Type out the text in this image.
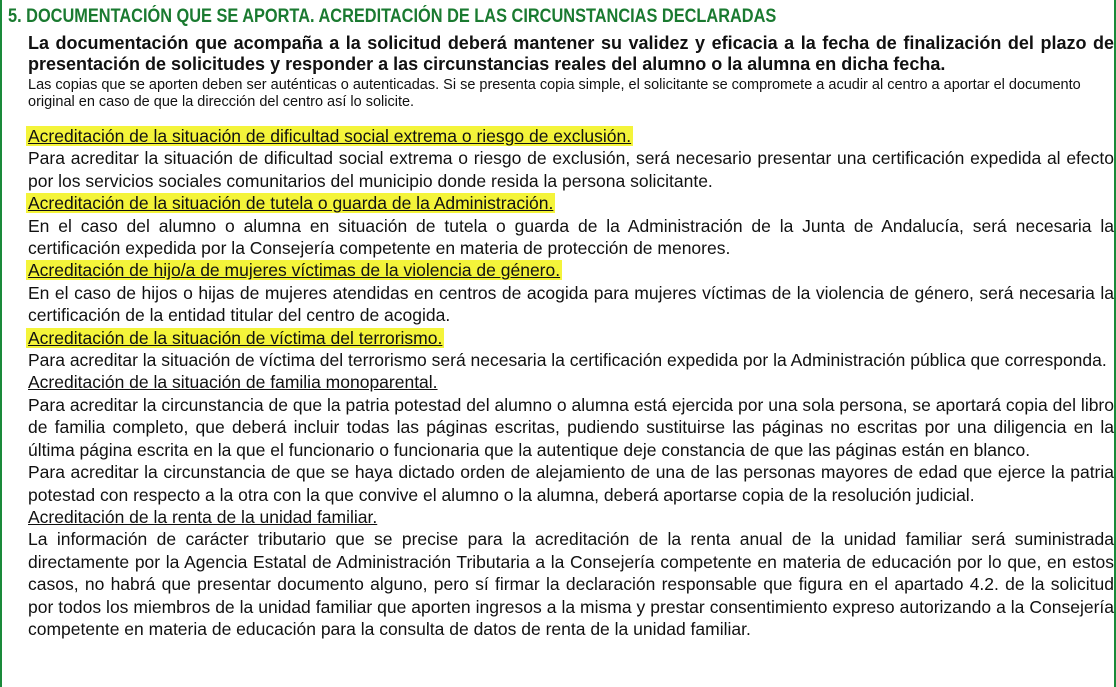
5. DOCUMENTACIÓN QUE SE APORTA. ACREDITACIÓN DE LAS CIRCUNSTANCIAS DECLARADAS
La documentación que acompaña a la solicitud deberá mantener su validez y eficacia a la fecha de finalización del plazo de presentación de solicitudes y responder a las circunstancias reales del alumno o la alumna en dicha fecha.
Las copias que se aporten deben ser auténticas o autenticadas. Si se presenta copia simple, el solicitante se compromete a acudir al centro a aportar el documento original en caso de que la dirección del centro así lo solicite.
Acreditación de la situación de dificultad social extrema o riesgo de exclusión.

Para acreditar la situación de dificultad social extrema o riesgo de exclusión, será necesario presentar una certificación expedida al efecto por los servicios sociales comunitarios del municipio donde resida la persona solicitante.

Acreditación de la situación de tutela o guarda de la Administración.

En el caso del alumno o alumna en situación de tutela o guarda de la Administración de la Junta de Andalucía, será necesaria la certificación expedida por la Consejería competente en materia de protección de menores.

Acreditación de hijo/a de mujeres víctimas de la violencia de género.

En el caso de hijos o hijas de mujeres atendidas en centros de acogida para mujeres víctimas de la violencia de género, será necesaria la certificación de la entidad titular del centro de acogida.

Acreditación de la situación de víctima del terrorismo.

Para acreditar la situación de víctima del terrorismo será necesaria la certificación expedida por la Administración pública que corresponda.

Acreditación de la situación de familia monoparental.

Para acreditar la circunstancia de que la patria potestad del alumno o alumna está ejercida por una sola persona, se aportará copia del libro de familia completo, que deberá incluir todas las páginas escritas, pudiendo sustituirse las páginas no escritas por una diligencia en la última página escrita en la que el funcionario o funcionaria que la autentique deje constancia de que las páginas están en blanco.

Para acreditar la circunstancia de que se haya dictado orden de alejamiento de una de las personas mayores de edad que ejerce la patria potestad con respecto a la otra con la que convive el alumno o la alumna, deberá aportarse copia de la resolución judicial.

Acreditación de la renta de la unidad familiar.

La información de carácter tributario que se precise para la acreditación de la renta anual de la unidad familiar será suministrada directamente por la Agencia Estatal de Administración Tributaria a la Consejería competente en materia de educación por lo que, en estos casos, no habrá que presentar documento alguno, pero sí firmar la declaración responsable que figura en el apartado 4.2. de la solicitud por todos los miembros de la unidad familiar que aporten ingresos a la misma y prestar consentimiento expreso autorizando a la Consejería competente en materia de educación para la consulta de datos de renta de la unidad familiar.
